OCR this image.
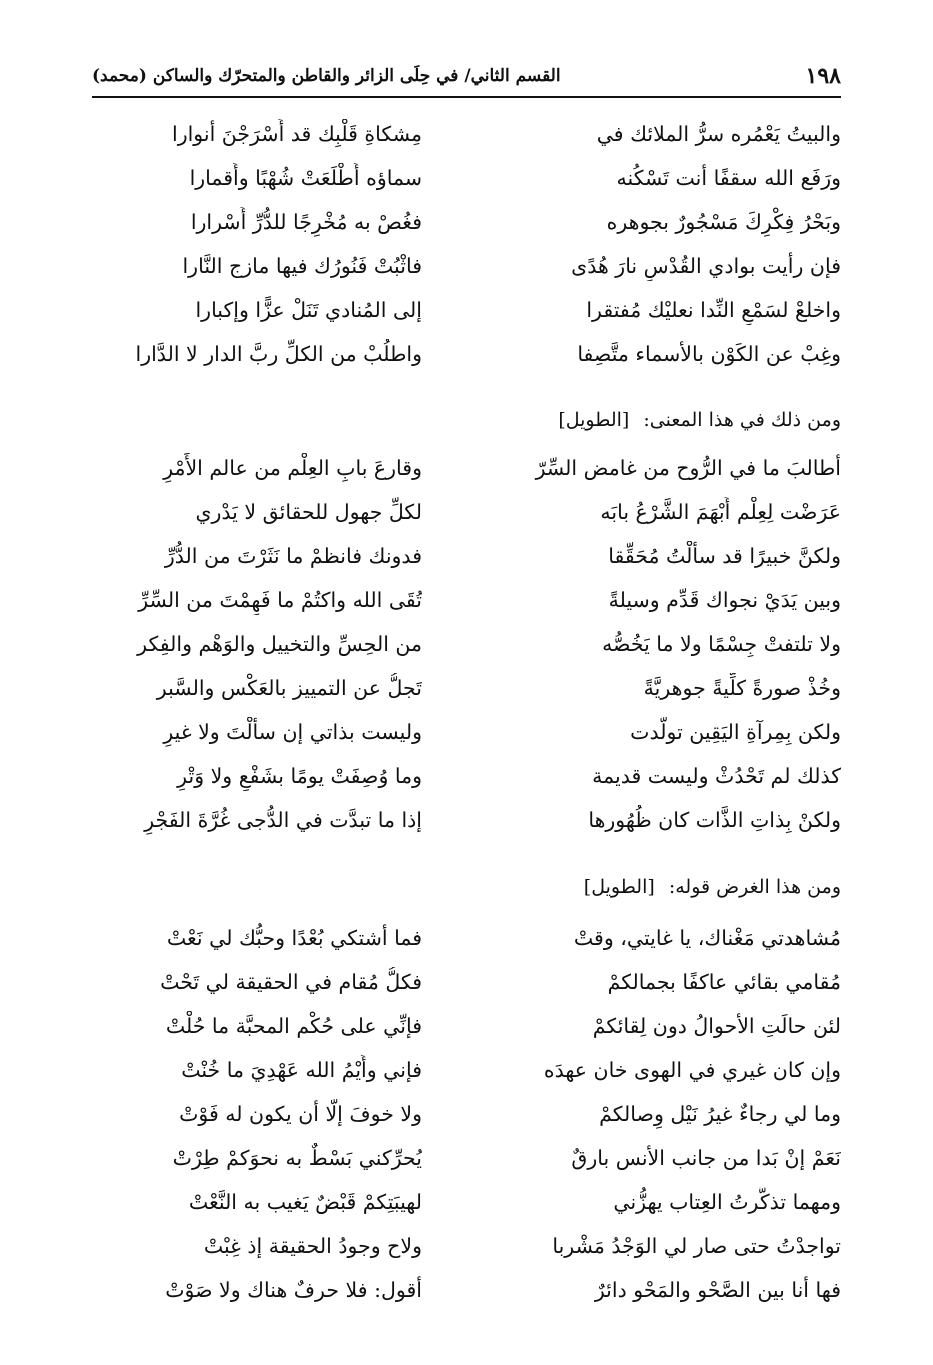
١٩٨
القسم الثاني/ في حِلَى الزائر والقاطن والمتحرّك والساكن (محمد)
والبيتُ يَعْمُره سرُّ الملائك في
مِشكاةِ قَلْبِك قد أَسْرَجْنَ أنوارا
ورَفَع الله سقفًا أنت تَسْكُنه
سماؤه أَطْلَعَتْ شُهْبًا وأَقمارا
وبَحْرُ فِكْرِكَ مَسْجُورٌ بجوهره
فغُصْ به مُخْرِجًا للدُّرِّ أَسْرارا
فإن رأيت بوادي القُدْسِ نارَ هُدًى
فاثْبُتْ فَنُورُك فيها مازج النَّارا
واخلعْ لسَمْعِ النِّدا نعليْك مُفتقرا
إلى المُنادي تَنَلْ عزًّا وإكبارا
وغِبْ عن الكَوْن بالأسماء متَّصِفا
واطلُبْ من الكلِّ ربَّ الدار لا الدَّارا
ومن ذلك في هذا المعنى: [الطويل]
أطالبَ ما في الرُّوح من غامض السِّرّ
وقارعَ بابِ العِلْم من عالم الأَمْرِ
عَرَضْت لِعِلْم أَبْهَمَ الشَّرْعُ بابَه
لكلِّ جهول للحقائق لا يَدْري
ولكنَّ خبيرًا قد سأَلْتُ مُحَقِّقا
فدونك فانظمْ ما نَثَرْتَ من الدُّرِّ
وبين يَدَيْ نجواك قَدِّم وسيلةً
تُقَى الله واكتُمْ ما فَهِمْتَ من السِّرِّ
ولا تلتفتْ جِسْمًا ولا ما يَخُصُّه
من الحِسِّ والتخييل والوَهْم والفِكر
وخُذْ صورةً كلِّيةً جوهريَّةً
تَجلُّ عن التمييز بالعَكْس والسَّبر
ولكن بِمِرآةِ اليَقِين تولَّدت
وليست بذاتي إن سأَلْتَ ولا غيرِ
كذلك لم تَحْدُثْ وليست قديمة
وما وُصِفَتْ يومًا بشَفْعٍ ولا وَتْرِ
ولكنْ بِذاتِ الذَّات كان ظُهُورها
إذا ما تبدَّت في الدُّجى غُرَّةَ الفَجْرِ
ومن هذا الغرض قوله: [الطويل]
مُشاهدتي مَغْناك، يا غايتي، وقتْ
فما أشتكي بُعْدًا وحبُّك لي نَعْتْ
مُقامي بقائي عاكفًا بجمالكمْ
فكلُّ مُقام في الحقيقة لي تَحْتْ
لئن حالَتِ الأحوالُ دون لِقائكمْ
فإنِّي على حُكْم المحبَّة ما حُلْتْ
وإن كان غيري في الهوى خان عهدَه
فإني وأَيْمُ الله عَهْدِيَ ما خُنْتْ
وما لي رجاءٌ غيرُ نَيْل وِصالكمْ
ولا خوفَ إلَّا أن يكون له فَوْتْ
نَعَمْ إنْ بَدا من جانب الأنس بارقٌ
يُحرِّكني بَسْطٌ به نحوَكمْ طِرْتْ
ومهما تذكَّرتُ العِتاب يهزُّني
لهيبَتِكمْ قَبْضٌ يَغيب به النَّعْتْ
تواجدْتُ حتى صار لي الوَجْدُ مَشْربا
ولاح وجودُ الحقيقة إذ غِبْتْ
فها أنا بين الصَّحْو والمَحْو دائرٌ
أقول: فلا حرفٌ هناك ولا صَوْتْ
